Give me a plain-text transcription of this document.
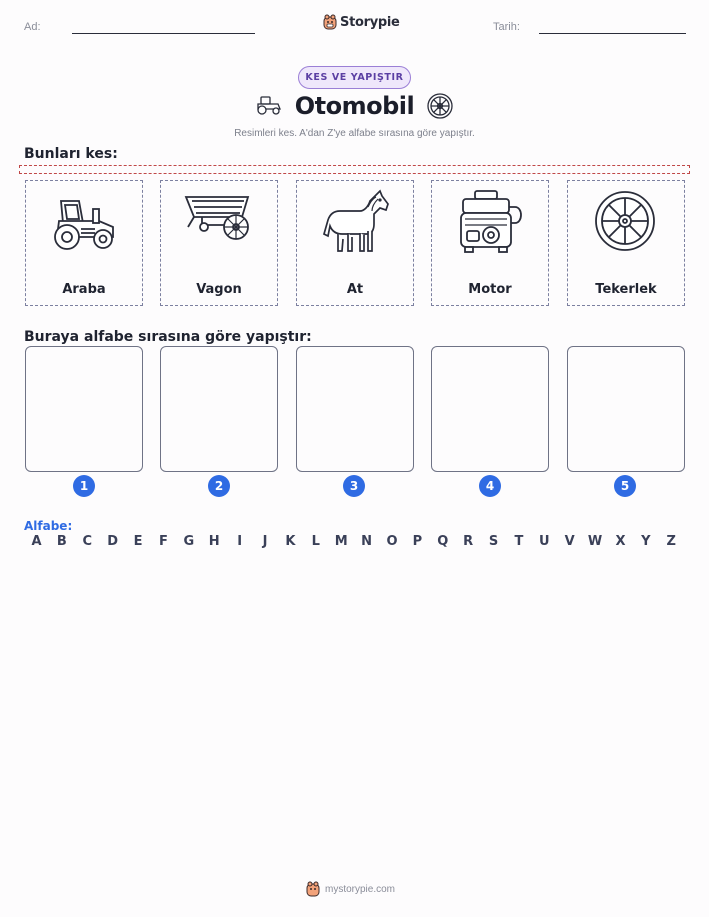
Ad:	Storypie	Tarih:
KES VE YAPIŞTIR
Otomobil
Resimleri kes. A'dan Z'ye alfabe sırasına göre yapıştır.
Bunları kes:
Araba	Vagon	At	Motor	Tekerlek
Buraya alfabe sırasına göre yapıştır:
1	2	3	4	5
Alfabe:
A	B	C	D	E	F	G	H	I	J	K	L	M	N	O	P	Q	R	S	T	U	V	W	X	Y	Z
mystorypie.com
